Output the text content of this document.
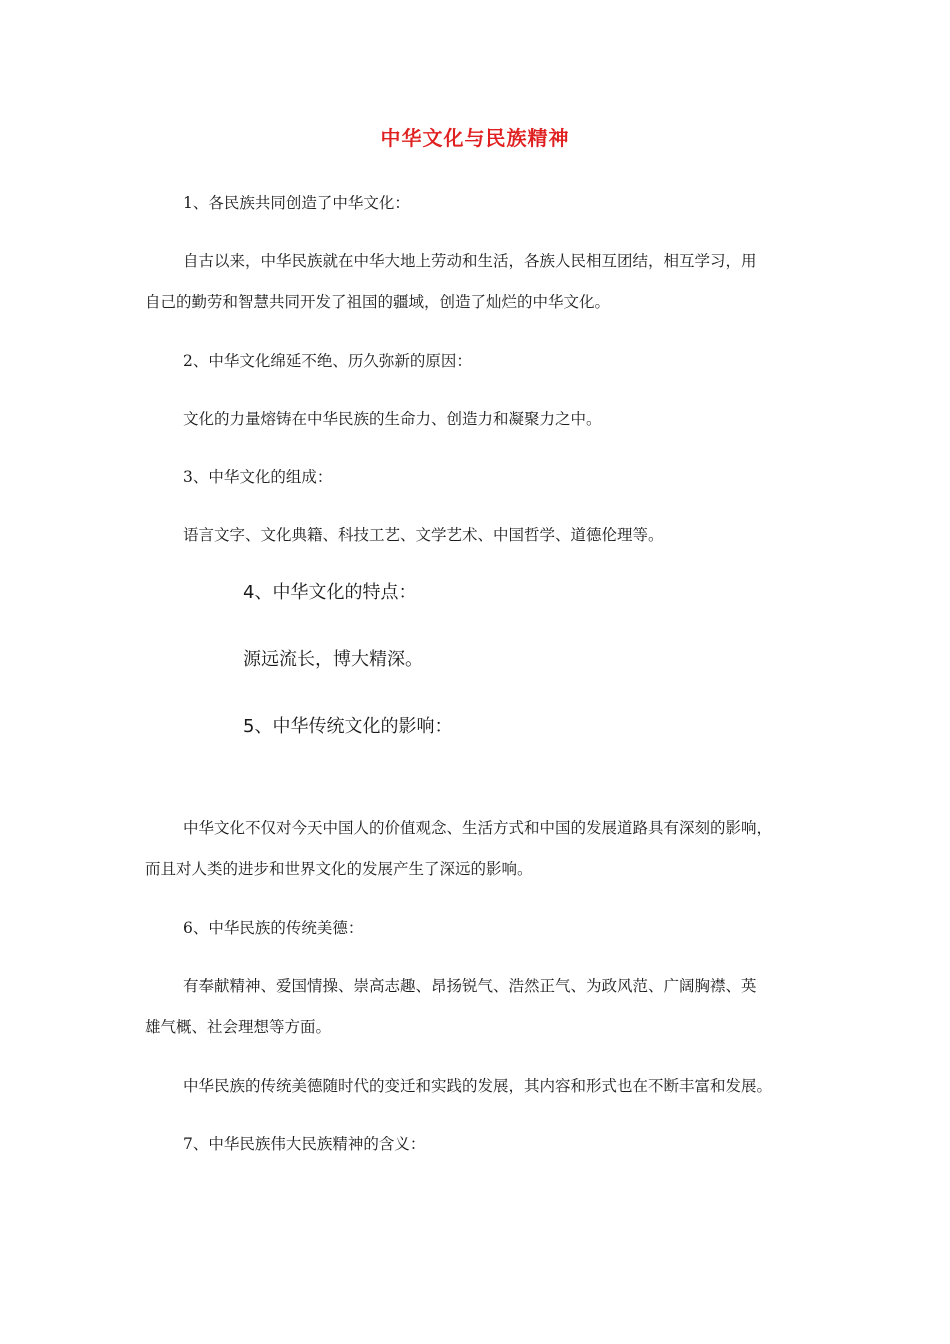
中华文化与民族精神

1、各民族共同创造了中华文化：

自古以来，中华民族就在中华大地上劳动和生活，各族人民相互团结，相互学习，用

自己的勤劳和智慧共同开发了祖国的疆域，创造了灿烂的中华文化。

2、中华文化绵延不绝、历久弥新的原因：

文化的力量熔铸在中华民族的生命力、创造力和凝聚力之中。

3、中华文化的组成：

语言文字、文化典籍、科技工艺、文学艺术、中国哲学、道德伦理等。

4、中华文化的特点：

源远流长，博大精深。

5、中华传统文化的影响：

中华文化不仅对今天中国人的价值观念、生活方式和中国的发展道路具有深刻的影响，

而且对人类的进步和世界文化的发展产生了深远的影响。

6、中华民族的传统美德：

有奉献精神、爱国情操、崇高志趣、昂扬锐气、浩然正气、为政风范、广阔胸襟、英

雄气概、社会理想等方面。

中华民族的传统美德随时代的变迁和实践的发展，其内容和形式也在不断丰富和发展。

7、中华民族伟大民族精神的含义：
